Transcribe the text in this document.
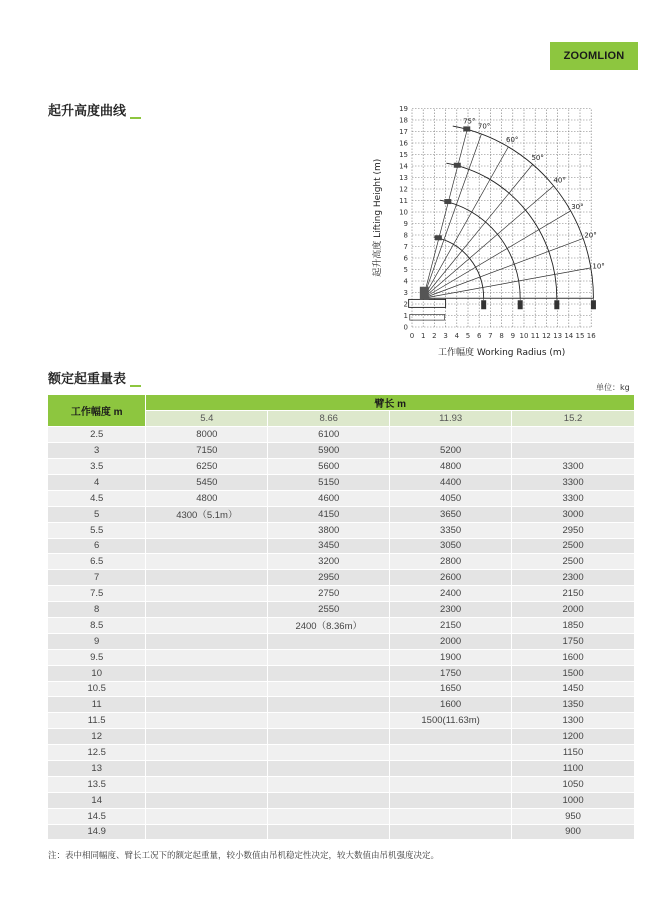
ZOOMLION
起升高度曲线
0 1 2 3 4 5 6 7 8 9 10 11 12 13 14 15 16
0
1
2
3
4
5
6
7
8
9
10
11
12
13
14
15
16
17
18
19
工作幅度 Working Radius (m)
起升高度 Lifting Height (m)
75°
70°
60°
50°
40°
30°
20°
10°
额定起重量表
单位：kg
工作幅度 m	臂长 m			
	5.4	8.66	11.93	15.2
2.5	8000	6100		
3	7150	5900	5200	
3.5	6250	5600	4800	3300
4	5450	5150	4400	3300
4.5	4800	4600	4050	3300
5	4300（5.1m）	4150	3650	3000
5.5		3800	3350	2950
6		3450	3050	2500
6.5		3200	2800	2500
7		2950	2600	2300
7.5		2750	2400	2150
8		2550	2300	2000
8.5		2400（8.36m）	2150	1850
9			2000	1750
9.5			1900	1600
10			1750	1500
10.5			1650	1450
11			1600	1350
11.5			1500(11.63m)	1300
12				1200
12.5				1150
13				1100
13.5				1050
14				1000
14.5				950
14.9				900
注：表中相同幅度、臂长工况下的额定起重量，较小数值由吊机稳定性决定，较大数值由吊机强度决定。
